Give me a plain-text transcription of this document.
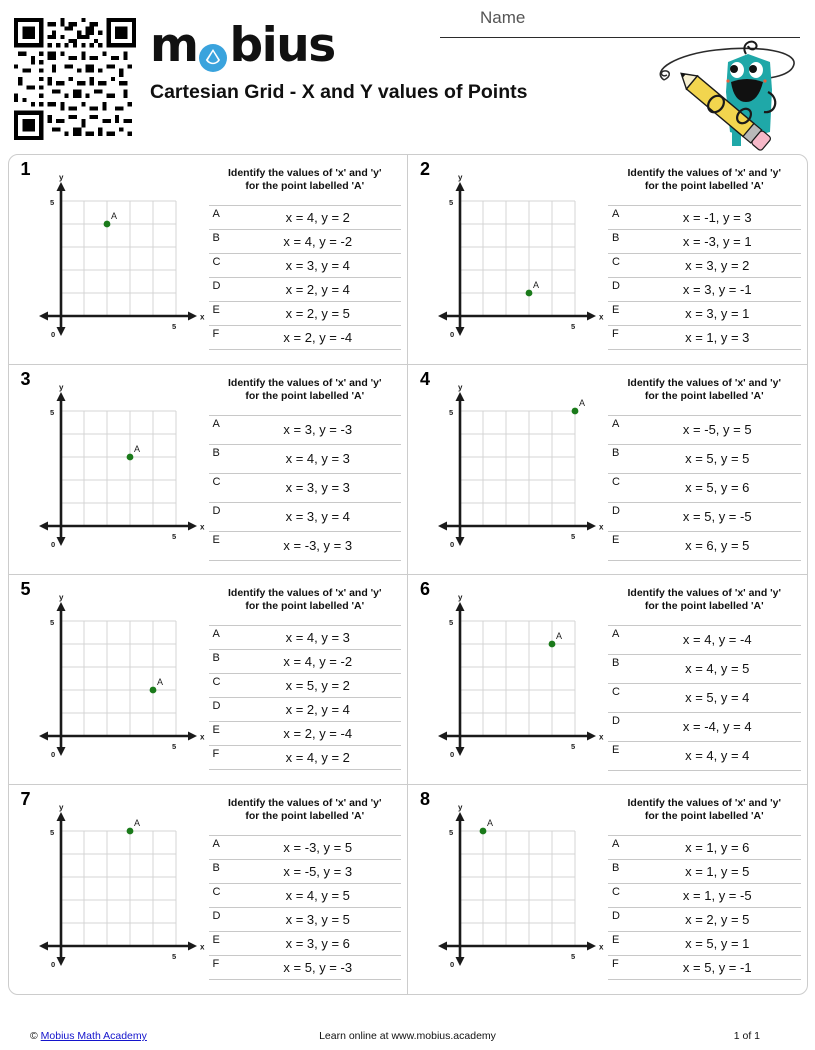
m bius
Cartesian Grid - X and Y values of Points
Name
1
x
y
0
5
5
A
Identify the values of 'x' and 'y'
for the point labelled 'A'
A	x = 4, y = 2
B	x = 4, y = -2
C	x = 3, y = 4
D	x = 2, y = 4
E	x = 2, y = 5
F	x = 2, y = -4
2
x
y
0
5
5
A
Identify the values of 'x' and 'y'
for the point labelled 'A'
A	x = -1, y = 3
B	x = -3, y = 1
C	x = 3, y = 2
D	x = 3, y = -1
E	x = 3, y = 1
F	x = 1, y = 3
3
x
y
0
5
5
A
Identify the values of 'x' and 'y'
for the point labelled 'A'
A	x = 3, y = -3
B	x = 4, y = 3
C	x = 3, y = 3
D	x = 3, y = 4
E	x = -3, y = 3
4
x
y
0
5
5
A
Identify the values of 'x' and 'y'
for the point labelled 'A'
A	x = -5, y = 5
B	x = 5, y = 5
C	x = 5, y = 6
D	x = 5, y = -5
E	x = 6, y = 5
5
x
y
0
5
5
A
Identify the values of 'x' and 'y'
for the point labelled 'A'
A	x = 4, y = 3
B	x = 4, y = -2
C	x = 5, y = 2
D	x = 2, y = 4
E	x = 2, y = -4
F	x = 4, y = 2
6
x
y
0
5
5
A
Identify the values of 'x' and 'y'
for the point labelled 'A'
A	x = 4, y = -4
B	x = 4, y = 5
C	x = 5, y = 4
D	x = -4, y = 4
E	x = 4, y = 4
7
x
y
0
5
5
A
Identify the values of 'x' and 'y'
for the point labelled 'A'
A	x = -3, y = 5
B	x = -5, y = 3
C	x = 4, y = 5
D	x = 3, y = 5
E	x = 3, y = 6
F	x = 5, y = -3
8
x
y
0
5
5
A
Identify the values of 'x' and 'y'
for the point labelled 'A'
A	x = 1, y = 6
B	x = 1, y = 5
C	x = 1, y = -5
D	x = 2, y = 5
E	x = 5, y = 1
F	x = 5, y = -1
© Mobius Math Academy	Learn online at www.mobius.academy	1 of 1
